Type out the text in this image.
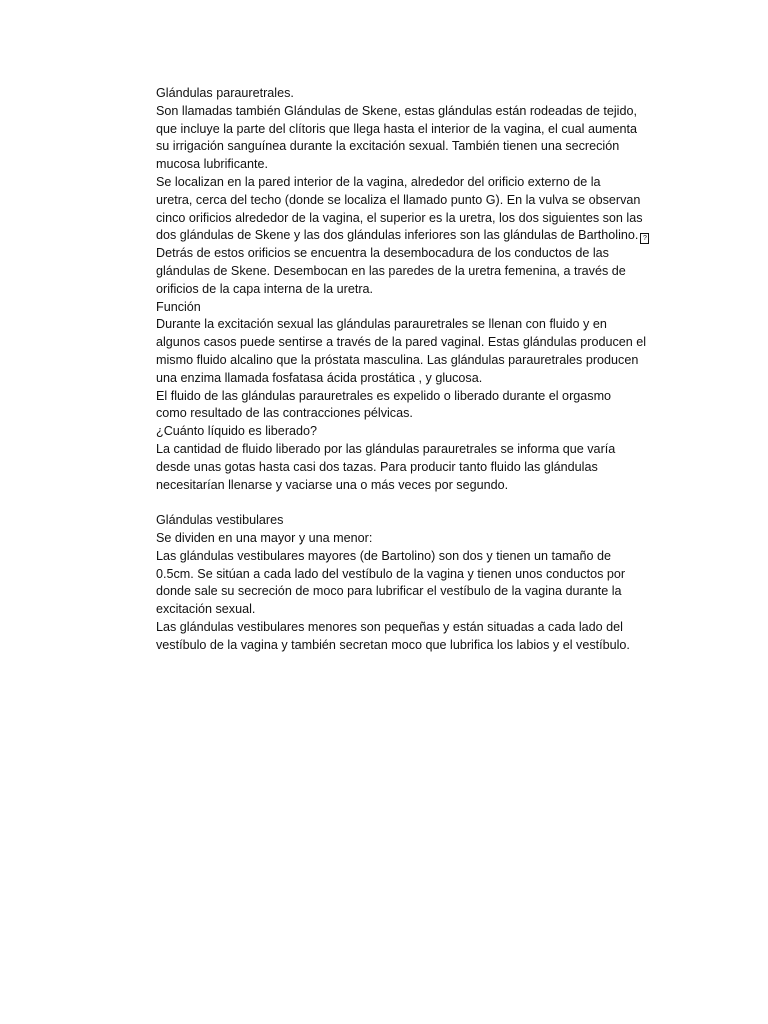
Glándulas parauretrales.
Son llamadas también Glándulas de Skene, estas glándulas están rodeadas de tejido,
que incluye la parte del clítoris que llega hasta el interior de la vagina, el cual aumenta
su irrigación sanguínea durante la excitación sexual. También tienen una secreción
mucosa lubrificante.
Se localizan en la pared interior de la vagina, alrededor del orificio externo de la
uretra, cerca del techo (donde se localiza el llamado punto G). En la vulva se observan
cinco orificios alrededor de la vagina, el superior es la uretra, los dos siguientes son las
dos glándulas de Skene y las dos glándulas inferiores son las glándulas de Bartholino. ?
Detrás de estos orificios se encuentra la desembocadura de los conductos de las
glándulas de Skene. Desembocan en las paredes de la uretra femenina, a través de
orificios de la capa interna de la uretra.
Función
Durante la excitación sexual las glándulas parauretrales se llenan con fluido y en
algunos casos puede sentirse a través de la pared vaginal. Estas glándulas producen el
mismo fluido alcalino que la próstata masculina. Las glándulas parauretrales producen
una enzima llamada fosfatasa ácida prostática , y glucosa.
El fluido de las glándulas parauretrales es expelido o liberado durante el orgasmo
como resultado de las contracciones pélvicas.
¿Cuánto líquido es liberado?
La cantidad de fluido liberado por las glándulas parauretrales se informa que varía
desde unas gotas hasta casi dos tazas. Para producir tanto fluido las glándulas
necesitarían llenarse y vaciarse una o más veces por segundo.
Glándulas vestibulares
Se dividen en una mayor y una menor:
Las glándulas vestibulares mayores (de Bartolino) son dos y tienen un tamaño de
0.5cm. Se sitúan a cada lado del vestíbulo de la vagina y tienen unos conductos por
donde sale su secreción de moco para lubrificar el vestíbulo de la vagina durante la
excitación sexual.
Las glándulas vestibulares menores son pequeñas y están situadas a cada lado del
vestíbulo de la vagina y también secretan moco que lubrifica los labios y el vestíbulo.
